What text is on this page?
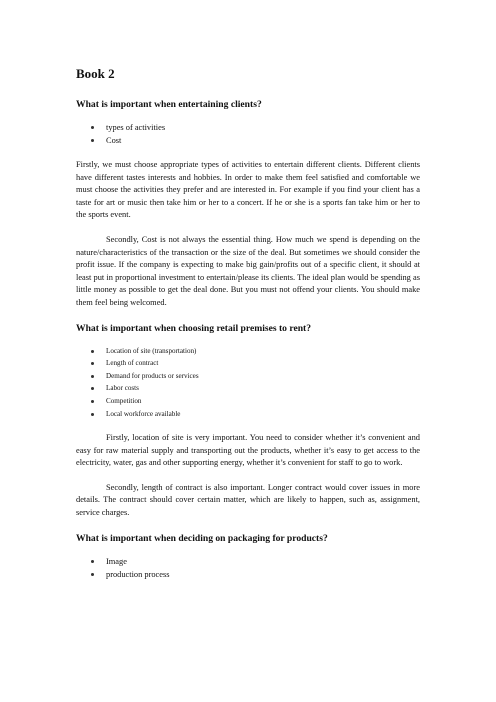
Book 2
What is important when entertaining clients?
types of activities
Cost

Firstly, we must choose appropriate types of activities to entertain different clients. Different clients have different tastes interests and hobbies. In order to make them feel satisfied and comfortable we must choose the activities they prefer and are interested in. For example if you find your client has a taste for art or music then take him or her to a concert. If he or she is a sports fan take him or her to the sports event.

Secondly, Cost is not always the essential thing. How much we spend is depending on the nature/characteristics of the transaction or the size of the deal. But sometimes we should consider the profit issue. If the company is expecting to make big gain/profits out of a specific client, it should at least put in proportional investment to entertain/please its clients. The ideal plan would be spending as little money as possible to get the deal done. But you must not offend your clients. You should make them feel being welcomed.

What is important when choosing retail premises to rent?
Location of site (transportation)
Length of contract
Demand for products or services
Labor costs
Competition
Local workforce available

Firstly, location of site is very important. You need to consider whether it’s convenient and easy for raw material supply and transporting out the products, whether it’s easy to get access to the electricity, water, gas and other supporting energy, whether it’s convenient for staff to go to work.

Secondly, length of contract is also important. Longer contract would cover issues in more details. The contract should cover certain matter, which are likely to happen, such as, assignment, service charges.

What is important when deciding on packaging for products?
Image
production process
